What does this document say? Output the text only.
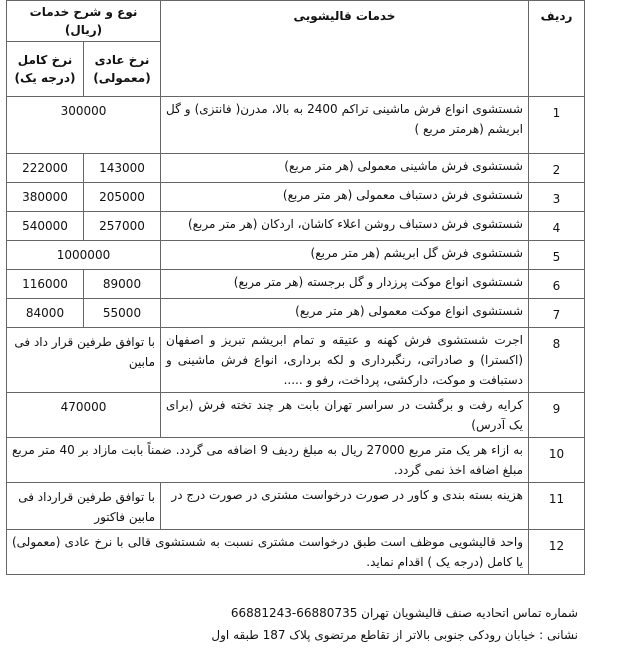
ردیف	خدمات قالیشویی	نوع و شرح خدمات (ریال)	
		نرخ عادی (معمولی)	نرخ کامل (درجه یک)
1	شستشوی انواع فرش ماشینی تراکم 2400 به بالا، مدرن( فانتزی) و گل ابریشم (هرمتر مربع )	300000	
2	شستشوی فرش ماشینی معمولی (هر متر مربع)	143000	222000
3	شستشوی فرش دستباف معمولی (هر متر مربع)	205000	380000
4	شستشوی فرش دستباف روشن اعلاء کاشان، اردکان (هر متر مربع)	257000	540000
5	شستشوی فرش گل ابریشم (هر متر مربع)	1000000	
6	شستشوی انواع موکت پرزدار و گل برجسته (هر متر مربع)	89000	116000
7	شستشوی انواع موکت معمولی (هر متر مربع)	55000	84000
8	اجرت شستشوی فرش کهنه و عتیقه و تمام ابریشم تبریز و اصفهان (اکسترا) و صادراتی، رنگبرداری و لکه برداری، انواع فرش ماشینی و دستبافت و موکت، دارکشی، پرداخت، رفو و .....	با توافق طرفین قرار داد فی مابین	
9	کرایه رفت و برگشت در سراسر تهران بابت هر چند تخته فرش (برای یک آدرس)	470000	
10	به ازاء هر یک متر مربع 27000 ریال به مبلغ ردیف 9 اضافه می گردد. ضمناً بابت مازاد بر 40 متر مربع مبلغ اضافه اخذ نمی گردد.		
11	هزینه بسته بندی و کاور در صورت درخواست مشتری در صورت درج در	با توافق طرفین قرارداد فی مابین فاکتور	
12	واحد قالیشویی موظف است طبق درخواست مشتری نسبت به شستشوی قالی با نرخ عادی (معمولی) یا کامل (درجه یک ) اقدام نماید.		
شماره تماس اتحادیه صنف قالیشویان تهران 66880735-66881243
نشانی : خیابان رودکی جنوبی بالاتر از تقاطع مرتضوی پلاک 187 طبقه اول
